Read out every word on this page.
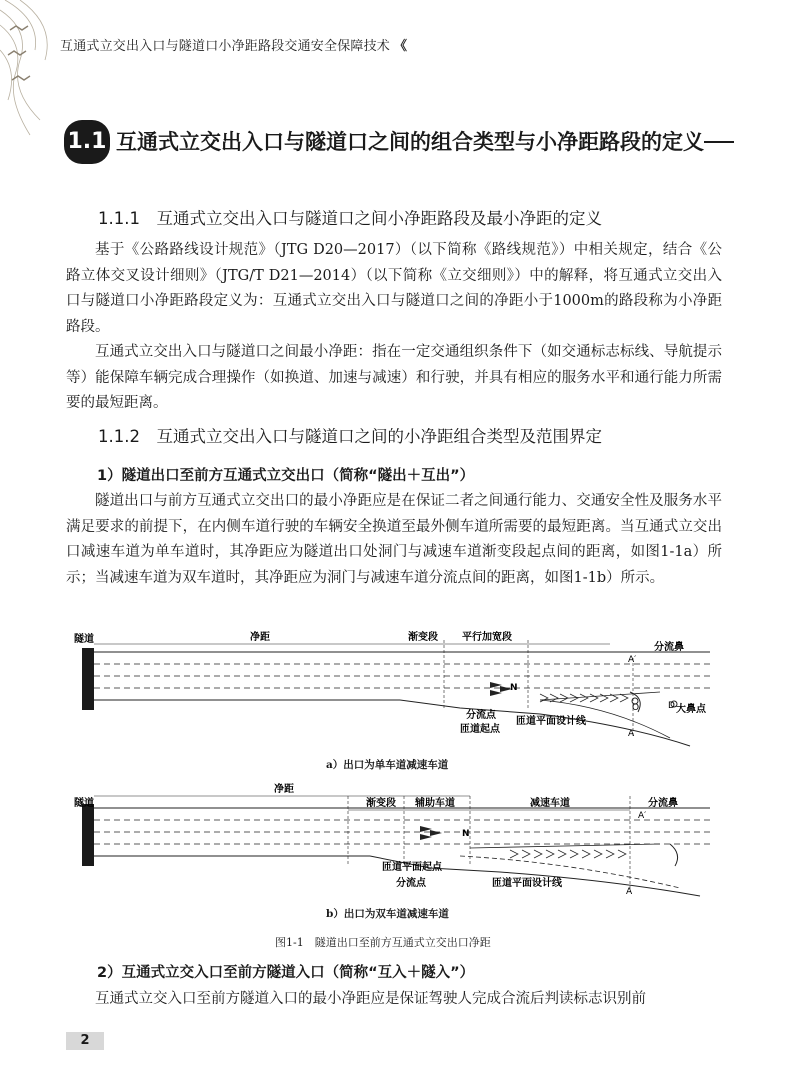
互通式立交出入口与隧道口小净距路段交通安全保障技术 《
1.1 互通式立交出入口与隧道口之间的组合类型与小净距路段的定义
1.1.1　互通式立交出入口与隧道口之间小净距路段及最小净距的定义
基于《公路路线设计规范》（JTG D20—2017）（以下简称《路线规范》）中相关规定，结合《公路立体交叉设计细则》（JTG/T D21—2014）（以下简称《立交细则》）中的解释，将互通式立交出入口与隧道口小净距路段定义为：互通式立交出入口与隧道口之间的净距小于1000m的路段称为小净距路段。
互通式立交出入口与隧道口之间最小净距：指在一定交通组织条件下（如交通标志标线、导航提示等）能保障车辆完成合理操作（如换道、加速与减速）和行驶，并具有相应的服务水平和通行能力所需要的最短距离。
1.1.2　互通式立交出入口与隧道口之间的小净距组合类型及范围界定
1）隧道出口至前方互通式立交出口（简称“隧出＋互出”）
隧道出口与前方互通式立交出口的最小净距应是在保证二者之间通行能力、交通安全性及服务水平满足要求的前提下，在内侧车道行驶的车辆安全换道至最外侧车道所需要的最短距离。当互通式立交出口减速车道为单车道时，其净距应为隧道出口处洞门与减速车道渐变段起点间的距离，如图1-1a）所示；当减速车道为双车道时，其净距应为洞门与减速车道分流点间的距离，如图1-1b）所示。
隧道	净距	渐变段 平行加宽段
分流鼻
A′
O	D 大鼻点
N
A
分流点
匝道起点
匝道平面设计线
a）出口为单车道减速车道
隧道
净距
渐变段 辅助车道	减速车道	分流鼻
A′
N
A
匝道平面起点
分流点	匝道平面设计线
b）出口为双车道减速车道
图1-1　隧道出口至前方互通式立交出口净距
2）互通式立交入口至前方隧道入口（简称“互入＋隧入”）
互通式立交入口至前方隧道入口的最小净距应是保证驾驶人完成合流后判读标志识别前
2
